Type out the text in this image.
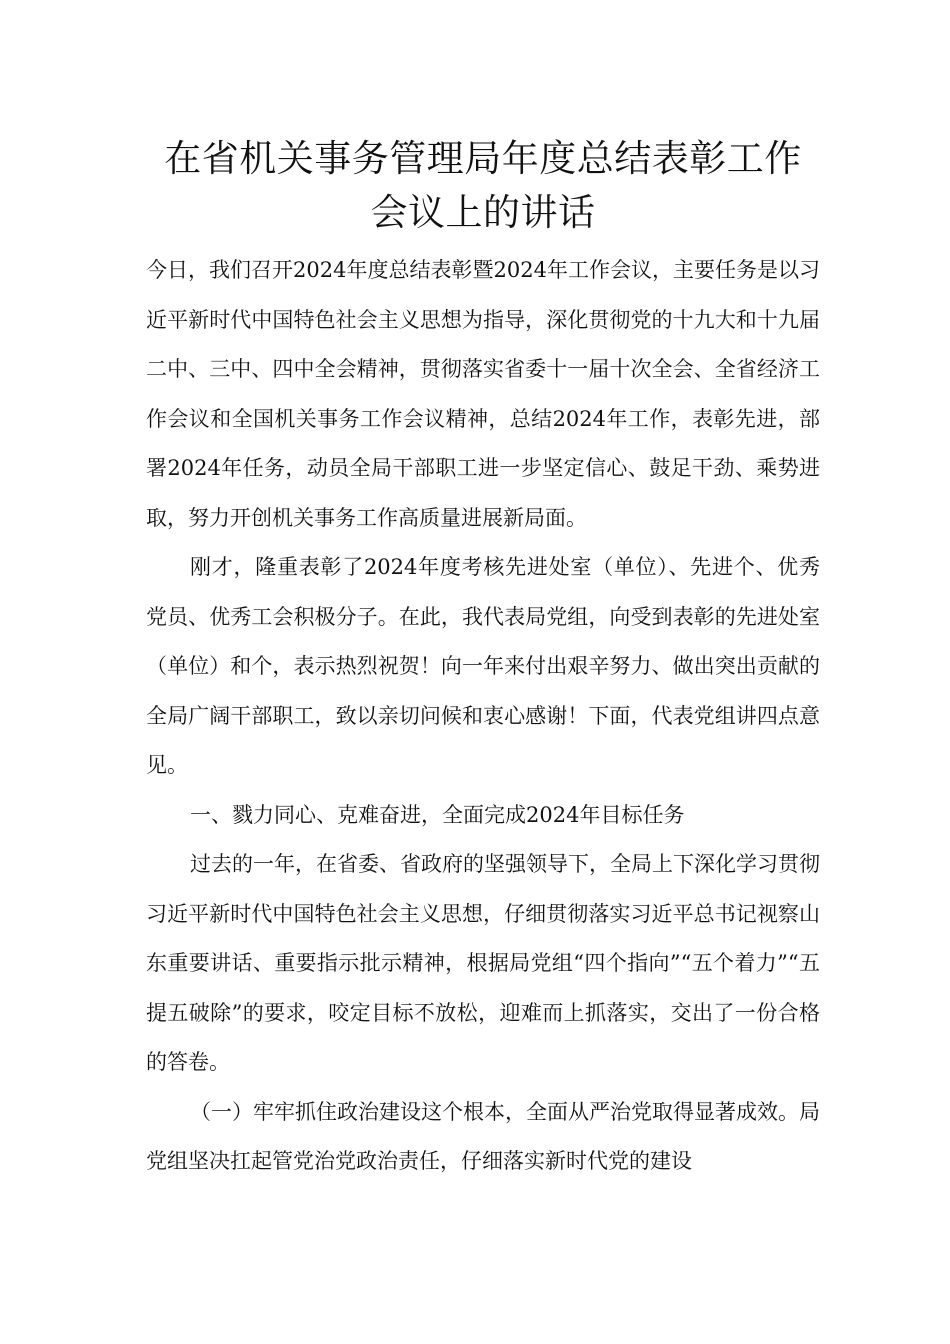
在省机关事务管理局年度总结表彰工作
会议上的讲话

今日，我们召开2024年度总结表彰暨2024年工作会议，主要任务是以习近平新时代中国特色社会主义思想为指导，深化贯彻党的十九大和十九届二中、三中、四中全会精神，贯彻落实省委十一届十次全会、全省经济工作会议和全国机关事务工作会议精神，总结2024年工作，表彰先进，部署2024年任务，动员全局干部职工进一步坚定信心、鼓足干劲、乘势进取，努力开创机关事务工作高质量进展新局面。

刚才，隆重表彰了2024年度考核先进处室（单位）、先进个、优秀党员、优秀工会积极分子。在此，我代表局党组，向受到表彰的先进处室（单位）和个，表示热烈祝贺！向一年来付出艰辛努力、做出突出贡献的全局广阔干部职工，致以亲切问候和衷心感谢！下面，代表党组讲四点意见。

一、戮力同心、克难奋进，全面完成2024年目标任务

过去的一年，在省委、省政府的坚强领导下，全局上下深化学习贯彻习近平新时代中国特色社会主义思想，仔细贯彻落实习近平总书记视察山东重要讲话、重要指示批示精神，根据局党组“四个指向”“五个着力”“五提五破除”的要求，咬定目标不放松，迎难而上抓落实，交出了一份合格的答卷。

（一）牢牢抓住政治建设这个根本，全面从严治党取得显著成效。局党组坚决扛起管党治党政治责任，仔细落实新时代党的建设
